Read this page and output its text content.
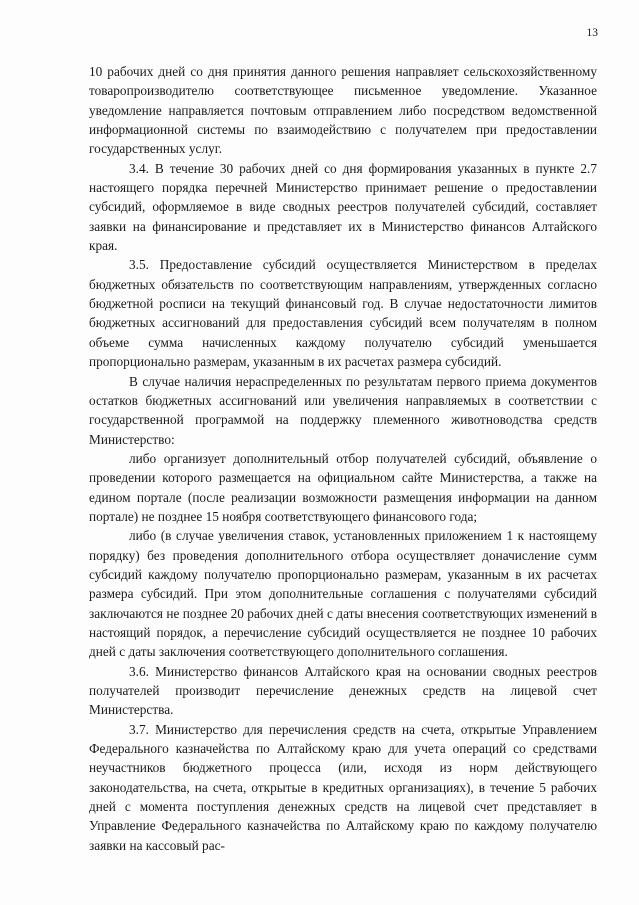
13

10 рабочих дней со дня принятия данного решения направляет сельскохозяйственному товаропроизводителю соответствующее письменное уведомление. Указанное уведомление направляется почтовым отправлением либо посредством ведомственной информационной системы по взаимодействию с получателем при предоставлении государственных услуг.

3.4. В течение 30 рабочих дней со дня формирования указанных в пункте 2.7 настоящего порядка перечней Министерство принимает решение о предоставлении субсидий, оформляемое в виде сводных реестров получателей субсидий, составляет заявки на финансирование и представляет их в Министерство финансов Алтайского края.

3.5. Предоставление субсидий осуществляется Министерством в пределах бюджетных обязательств по соответствующим направлениям, утвержденных согласно бюджетной росписи на текущий финансовый год. В случае недостаточности лимитов бюджетных ассигнований для предоставления субсидий всем получателям в полном объеме сумма начисленных каждому получателю субсидий уменьшается пропорционально размерам, указанным в их расчетах размера субсидий.

В случае наличия нераспределенных по результатам первого приема документов остатков бюджетных ассигнований или увеличения направляемых в соответствии с государственной программой на поддержку племенного животноводства средств Министерство:

либо организует дополнительный отбор получателей субсидий, объявление о проведении которого размещается на официальном сайте Министерства, а также на едином портале (после реализации возможности размещения информации на данном портале) не позднее 15 ноября соответствующего финансового года;

либо (в случае увеличения ставок, установленных приложением 1 к настоящему порядку) без проведения дополнительного отбора осуществляет доначисление сумм субсидий каждому получателю пропорционально размерам, указанным в их расчетах размера субсидий. При этом дополнительные соглашения с получателями субсидий заключаются не позднее 20 рабочих дней с даты внесения соответствующих изменений в настоящий порядок, а перечисление субсидий осуществляется не позднее 10 рабочих дней с даты заключения соответствующего дополнительного соглашения.

3.6. Министерство финансов Алтайского края на основании сводных реестров получателей производит перечисление денежных средств на лицевой счет Министерства.

3.7. Министерство для перечисления средств на счета, открытые Управлением Федерального казначейства по Алтайскому краю для учета операций со средствами неучастников бюджетного процесса (или, исходя из норм действующего законодательства, на счета, открытые в кредитных организациях), в течение 5 рабочих дней с момента поступления денежных средств на лицевой счет представляет в Управление Федерального казначейства по Алтайскому краю по каждому получателю заявки на кассовый рас-
